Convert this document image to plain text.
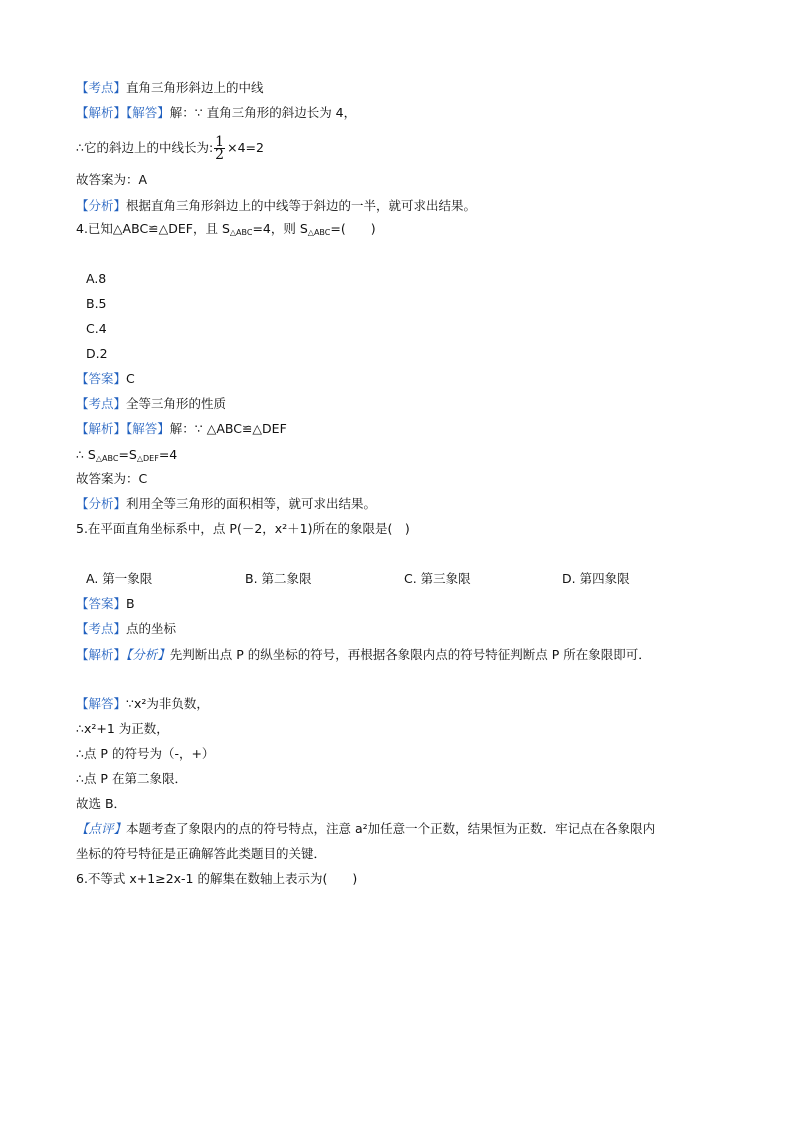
【考点】直角三角形斜边上的中线
【解析】【解答】解：∵ 直角三角形的斜边长为 4，
∴它的斜边上的中线长为: $\frac{1}{2} \times 4=2$
故答案为：A
【分析】根据直角三角形斜边上的中线等于斜边的一半，就可求出结果。
4.已知△ABC≌△DEF，且 $S_{\triangle ABC}=4$，则 $S_{\triangle ABC}=$(　　)
A.8
B.5
C.4
D.2
【答案】C
【考点】全等三角形的性质
【解析】【解答】解：∵ △ABC≌△DEF
∴ $S_{\triangle ABC}=S_{\triangle DEF}=4$
故答案为：C
【分析】利用全等三角形的面积相等，就可求出结果。
5.在平面直角坐标系中，点 P(－2，x²＋1)所在的象限是(　)
A. 第一象限	B. 第二象限	C. 第三象限	D. 第四象限
【答案】B
【考点】点的坐标
【解析】【分析】先判断出点 P 的纵坐标的符号，再根据各象限内点的符号特征判断点 P 所在象限即可．
【解答】∵x²为非负数，
∴x²+1 为正数，
∴点 P 的符号为（-，+）
∴点 P 在第二象限．
故选 B．
【点评】本题考查了象限内的点的符号特点，注意 a²加任意一个正数，结果恒为正数．牢记点在各象限内
坐标的符号特征是正确解答此类题目的关键．
6.不等式 x+1≥2x-1 的解集在数轴上表示为(　　)
